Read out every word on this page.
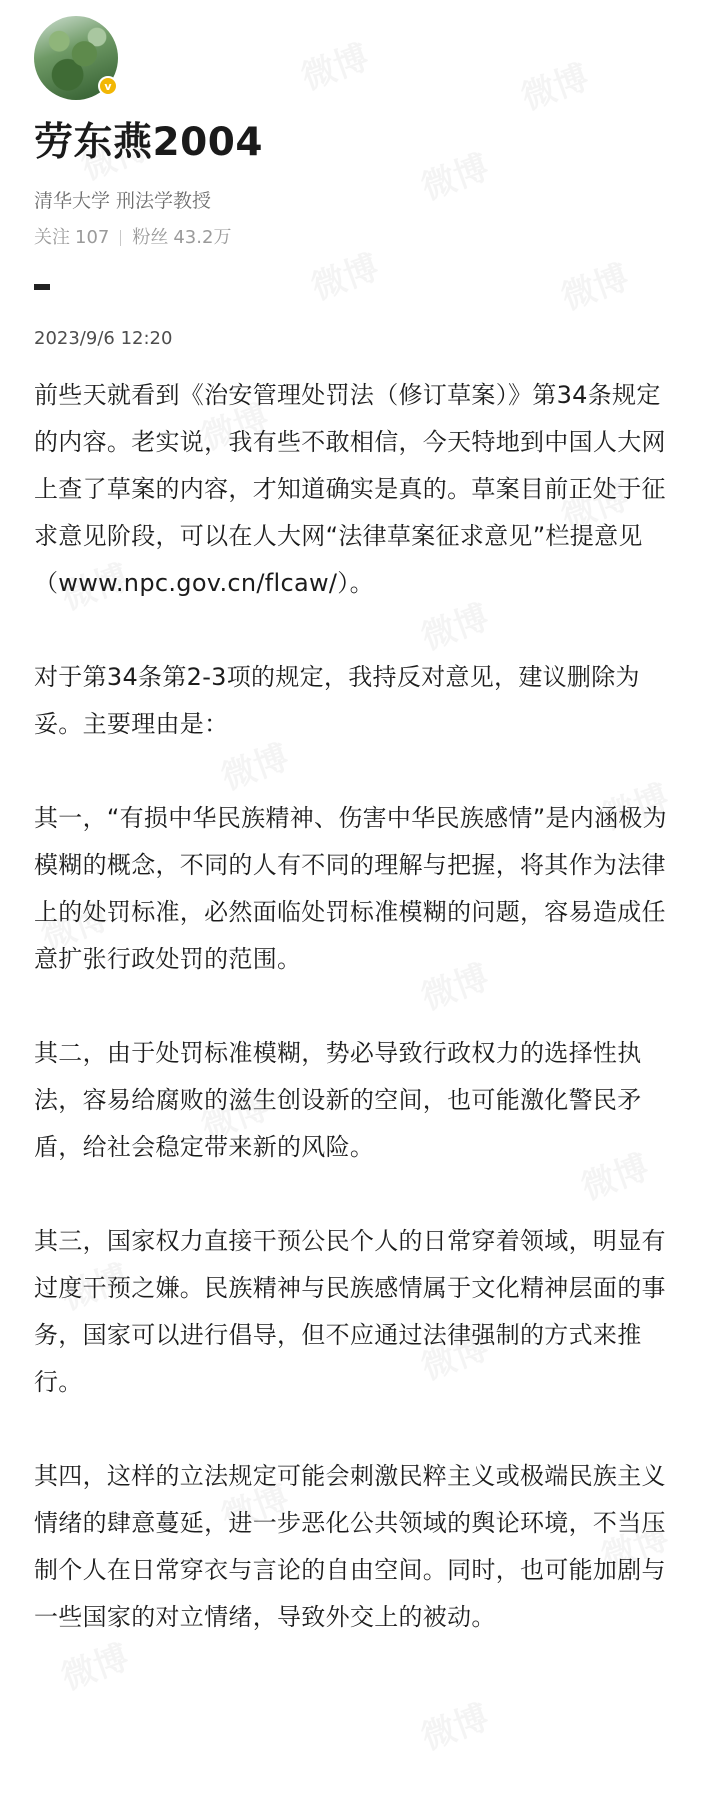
v
劳东燕2004
清华大学 刑法学教授
关注 107 粉丝 43.2万
2023/9/6 12:20

前些天就看到《治安管理处罚法（修订草案）》第34条规定的内容。老实说，我有些不敢相信，今天特地到中国人大网上查了草案的内容，才知道确实是真的。草案目前正处于征求意见阶段，可以在人大网“法律草案征求意见”栏提意见（www.npc.gov.cn/flcaw/）。

对于第34条第2-3项的规定，我持反对意见，建议删除为妥。主要理由是：

其一，“有损中华民族精神、伤害中华民族感情”是内涵极为模糊的概念，不同的人有不同的理解与把握，将其作为法律上的处罚标准，必然面临处罚标准模糊的问题，容易造成任意扩张行政处罚的范围。

其二，由于处罚标准模糊，势必导致行政权力的选择性执法，容易给腐败的滋生创设新的空间，也可能激化警民矛盾，给社会稳定带来新的风险。

其三，国家权力直接干预公民个人的日常穿着领域，明显有过度干预之嫌。民族精神与民族感情属于文化精神层面的事务，国家可以进行倡导，但不应通过法律强制的方式来推行。

其四，这样的立法规定可能会刺激民粹主义或极端民族主义情绪的肆意蔓延，进一步恶化公共领域的舆论环境，不当压制个人在日常穿衣与言论的自由空间。同时，也可能加剧与一些国家的对立情绪，导致外交上的被动。
